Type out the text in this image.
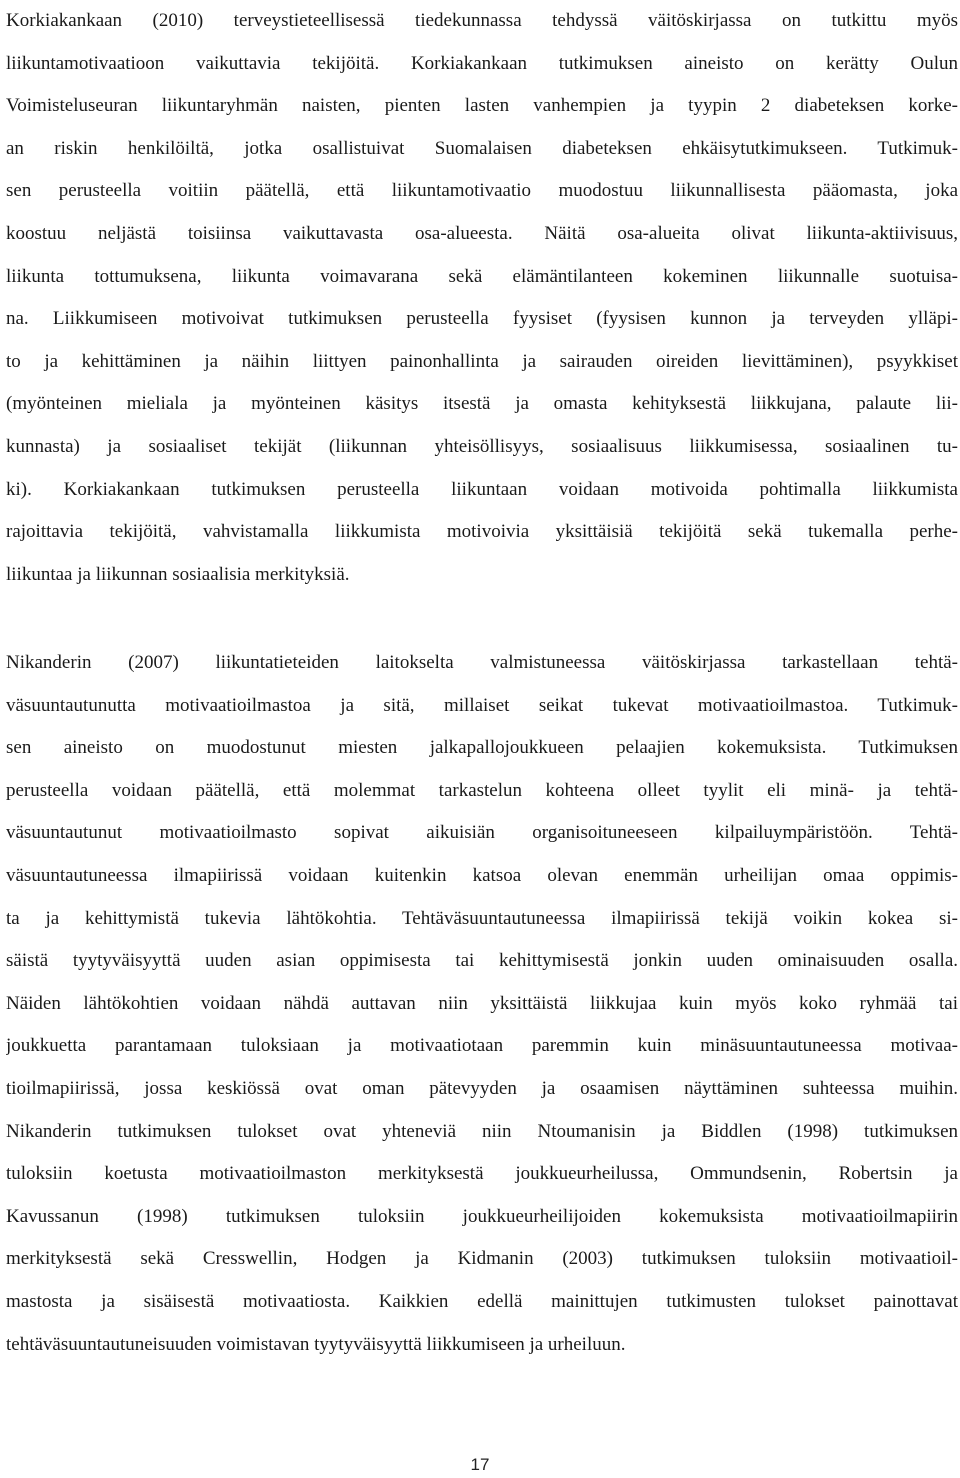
Korkiakankaan (2010) terveystieteellisessä tiedekunnassa tehdyssä väitöskirjassa on tutkittu myös
liikuntamotivaatioon vaikuttavia tekijöitä. Korkiakankaan tutkimuksen aineisto on kerätty Oulun
Voimisteluseuran liikuntaryhmän naisten, pienten lasten vanhempien ja tyypin 2 diabeteksen korke-
an riskin henkilöiltä, jotka osallistuivat Suomalaisen diabeteksen ehkäisytutkimukseen. Tutkimuk-
sen perusteella voitiin päätellä, että liikuntamotivaatio muodostuu liikunnallisesta pääomasta, joka
koostuu neljästä toisiinsa vaikuttavasta osa-alueesta. Näitä osa-alueita olivat liikunta-aktiivisuus,
liikunta tottumuksena, liikunta voimavarana sekä elämäntilanteen kokeminen liikunnalle suotuisa-
na. Liikkumiseen motivoivat tutkimuksen perusteella fyysiset (fyysisen kunnon ja terveyden ylläpi-
to ja kehittäminen ja näihin liittyen painonhallinta ja sairauden oireiden lievittäminen), psyykkiset
(myönteinen mieliala ja myönteinen käsitys itsestä ja omasta kehityksestä liikkujana, palaute lii-
kunnasta) ja sosiaaliset tekijät (liikunnan yhteisöllisyys, sosiaalisuus liikkumisessa, sosiaalinen tu-
ki). Korkiakankaan tutkimuksen perusteella liikuntaan voidaan motivoida pohtimalla liikkumista
rajoittavia tekijöitä, vahvistamalla liikkumista motivoivia yksittäisiä tekijöitä sekä tukemalla perhe-
liikuntaa ja liikunnan sosiaalisia merkityksiä.
Nikanderin (2007) liikuntatieteiden laitokselta valmistuneessa väitöskirjassa tarkastellaan tehtä-
väsuuntautunutta motivaatioilmastoa ja sitä, millaiset seikat tukevat motivaatioilmastoa. Tutkimuk-
sen aineisto on muodostunut miesten jalkapallojoukkueen pelaajien kokemuksista. Tutkimuksen
perusteella voidaan päätellä, että molemmat tarkastelun kohteena olleet tyylit eli minä- ja tehtä-
väsuuntautunut motivaatioilmasto sopivat aikuisiän organisoituneeseen kilpailuympäristöön. Tehtä-
väsuuntautuneessa ilmapiirissä voidaan kuitenkin katsoa olevan enemmän urheilijan omaa oppimis-
ta ja kehittymistä tukevia lähtökohtia. Tehtäväsuuntautuneessa ilmapiirissä tekijä voikin kokea si-
säistä tyytyväisyyttä uuden asian oppimisesta tai kehittymisestä jonkin uuden ominaisuuden osalla.
Näiden lähtökohtien voidaan nähdä auttavan niin yksittäistä liikkujaa kuin myös koko ryhmää tai
joukkuetta parantamaan tuloksiaan ja motivaatiotaan paremmin kuin minäsuuntautuneessa motivaa-
tioilmapiirissä, jossa keskiössä ovat oman pätevyyden ja osaamisen näyttäminen suhteessa muihin.
Nikanderin tutkimuksen tulokset ovat yhteneviä niin Ntoumanisin ja Biddlen (1998) tutkimuksen
tuloksiin koetusta motivaatioilmaston merkityksestä joukkueurheilussa, Ommundsenin, Robertsin ja
Kavussanun (1998) tutkimuksen tuloksiin joukkueurheilijoiden kokemuksista motivaatioilmapiirin
merkityksestä sekä Cresswellin, Hodgen ja Kidmanin (2003) tutkimuksen tuloksiin motivaatioil-
mastosta ja sisäisestä motivaatiosta. Kaikkien edellä mainittujen tutkimusten tulokset painottavat
tehtäväsuuntautuneisuuden voimistavan tyytyväisyyttä liikkumiseen ja urheiluun.
17
